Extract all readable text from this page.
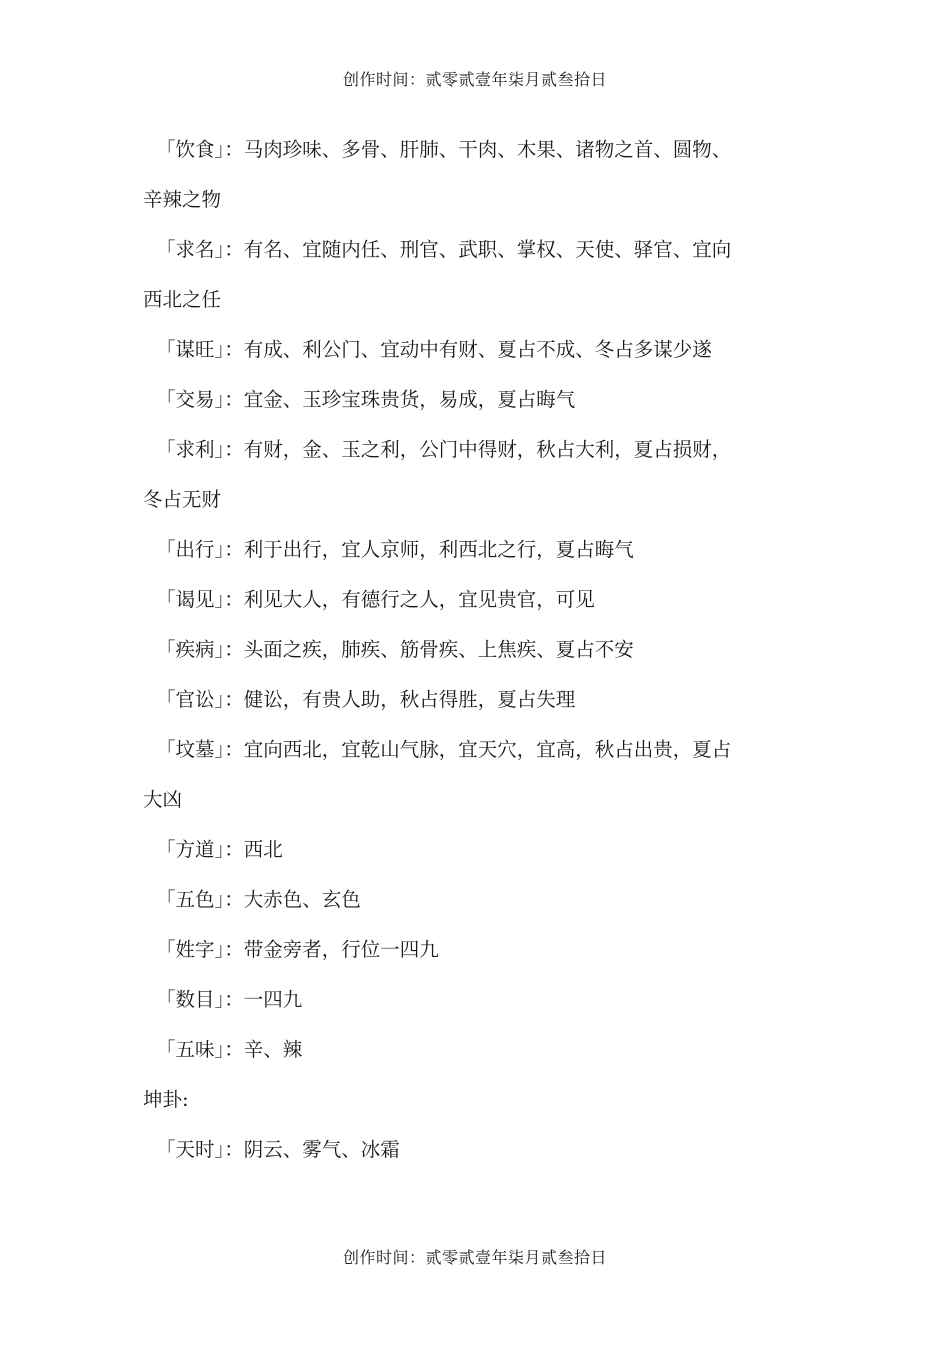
创作时间：贰零贰壹年柒月贰叁拾日

「饮食」：马肉珍味、多骨、肝肺、干肉、木果、诸物之首、圆物、辛辣之物

「求名」：有名、宜随内任、刑官、武职、掌权、天使、驿官、宜向西北之任

「谋旺」：有成、利公门、宜动中有财、夏占不成、冬占多谋少遂

「交易」：宜金、玉珍宝珠贵货，易成，夏占晦气

「求利」：有财，金、玉之利，公门中得财，秋占大利，夏占损财，冬占无财

「出行」：利于出行，宜人京师，利西北之行，夏占晦气

「谒见」：利见大人，有德行之人，宜见贵官，可见

「疾病」：头面之疾，肺疾、筋骨疾、上焦疾、夏占不安

「官讼」：健讼，有贵人助，秋占得胜，夏占失理

「坟墓」：宜向西北，宜乾山气脉，宜天穴，宜高，秋占出贵，夏占大凶

「方道」：西北

「五色」：大赤色、玄色

「姓字」：带金旁者，行位一四九

「数目」：一四九

「五味」：辛、辣

坤卦:

「天时」：阴云、雾气、冰霜

创作时间：贰零贰壹年柒月贰叁拾日
